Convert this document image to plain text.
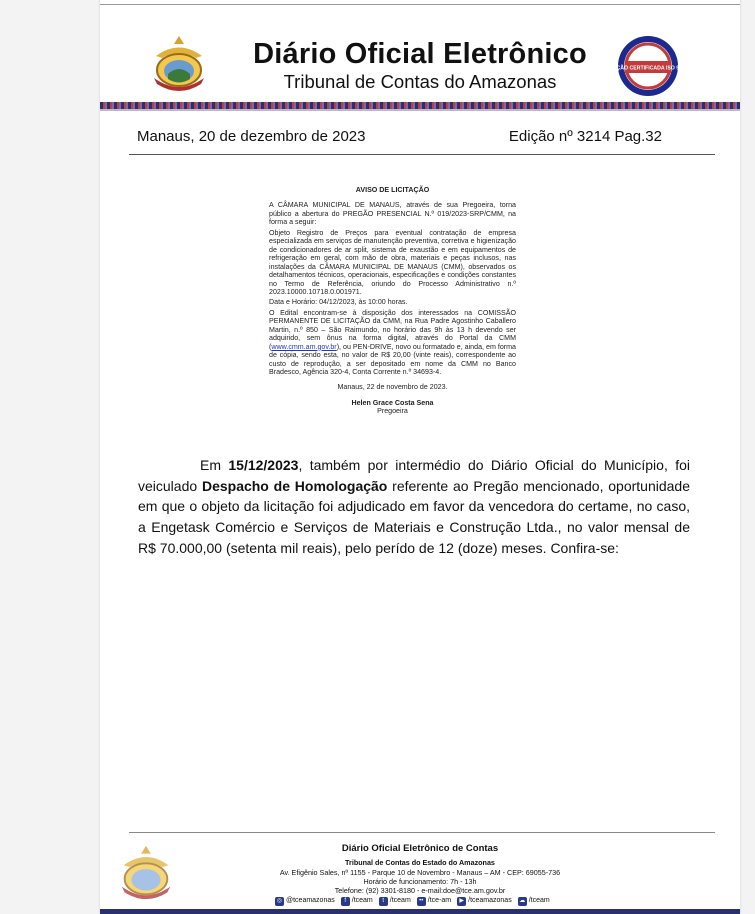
Diário Oficial Eletrônico
Tribunal de Contas do Amazonas
INSTITUIÇÃO CERTIFICADA ISO 9001:2008
Manaus, 20 de dezembro de 2023	Edição nº 3214 Pag.32
AVISO DE LICITAÇÃO

A CÂMARA MUNICIPAL DE MANAUS, através de sua Pregoeira, torna público a abertura do PREGÃO PRESENCIAL N.º 019/2023-SRP/CMM, na forma a seguir:

Objeto Registro de Preços para eventual contratação de empresa especializada em serviços de manutenção preventiva, corretiva e higienização de condicionadores de ar split, sistema de exaustão e em equipamentos de refrigeração em geral, com mão de obra, materiais e peças inclusos, nas instalações da CÂMARA MUNICIPAL DE MANAUS (CMM), observados os detalhamentos técnicos, operacionais, especificações e condições constantes no Termo de Referência, oriundo do Processo Administrativo n.º 2023.10000.10718.0.001971.

Data e Horário: 04/12/2023, às 10:00 horas.

O Edital encontram-se à disposição dos interessados na COMISSÃO PERMANENTE DE LICITAÇÃO da CMM, na Rua Padre Agostinho Caballero Martin, n.º 850 – São Raimundo, no horário das 9h às 13 h devendo ser adquirido, sem ônus na forma digital, através do Portal da CMM (www.cmm.am.gov.br), ou PEN-DRIVE, novo ou formatado e, ainda, em forma de cópia, sendo esta, no valor de R$ 20,00 (vinte reais), correspondente ao custo de reprodução, a ser depositado em nome da CMM no Banco Bradesco, Agência 320-4, Conta Corrente n.º 34693-4.

Manaus, 22 de novembro de 2023.

Helen Grace Costa Sena

Pregoeira

Em 15/12/2023, também por intermédio do Diário Oficial do Município, foi veiculado Despacho de Homologação referente ao Pregão mencionado, oportunidade em que o objeto da licitação foi adjudicado em favor da vencedora do certame, no caso, a Engetask Comércio e Serviços de Materiais e Construção Ltda., no valor mensal de R$ 70.000,00 (setenta mil reais), pelo perído de 12 (doze) meses. Confira-se:
Diário Oficial Eletrônico de Contas
Tribunal de Contas do Estado do Amazonas
Av. Efigênio Sales, nº 1155 - Parque 10 de Novembro - Manaus – AM - CEP: 69055-736
Horário de funcionamento: 7h - 13h
Telefone: (92) 3301-8180 - e-mail:doe@tce.am.gov.br
◎ @tceamazonas	f /tceam	t /tceam	•• /tce-am	▶ /tceamazonas ☁ /tceam
